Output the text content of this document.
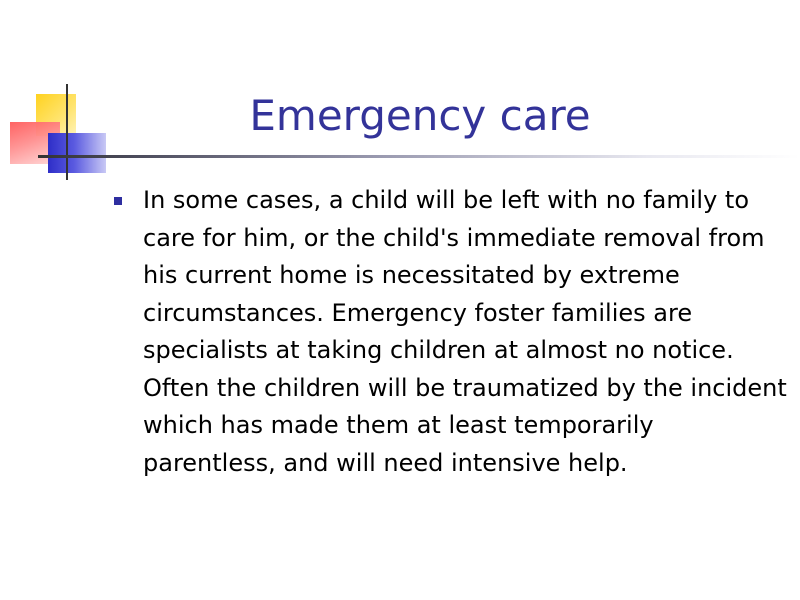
Emergency care
In some cases, a child will be left with no family to care for him, or the child's immediate removal from his current home is necessitated by extreme circumstances. Emergency foster families are specialists at taking children at almost no notice. Often the children will be traumatized by the incident which has made them at least temporarily parentless, and will need intensive help.
